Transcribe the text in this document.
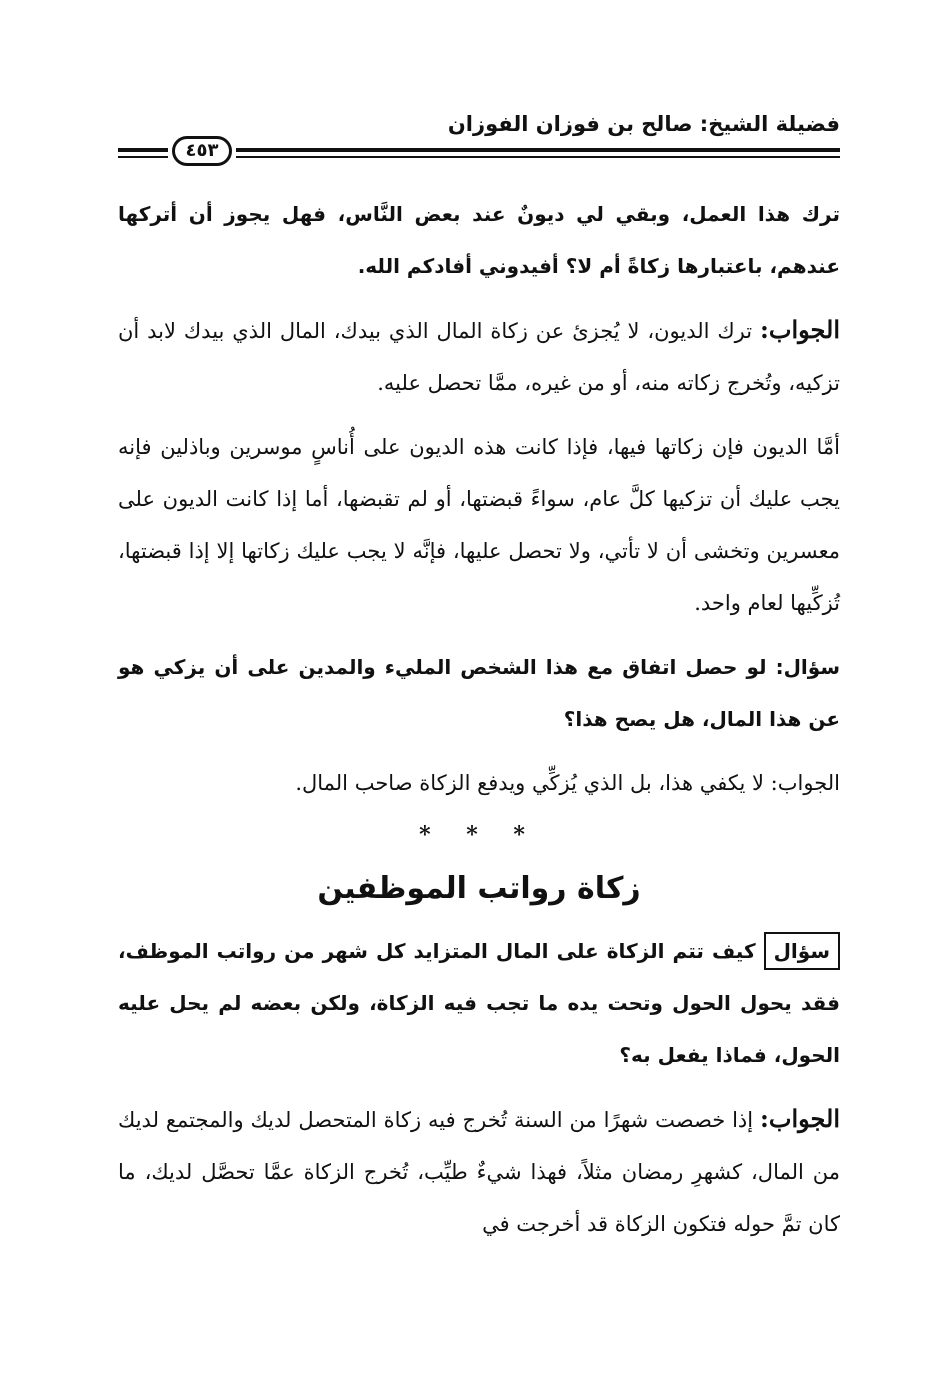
فضيلة الشيخ: صالح بن فوزان الفوزان
٤٥٣

ترك هذا العمل، وبقي لي ديونٌ عند بعض النَّاس، فهل يجوز أن أتركها عندهم، باعتبارها زكاةً أم لا؟ أفيدوني أفادكم الله.

الجواب: ترك الديون، لا يُجزئ عن زكاة المال الذي بيدك، المال الذي بيدك لابد أن تزكيه، وتُخرج زكاته منه، أو من غيره، ممَّا تحصل عليه.

أمَّا الديون فإن زكاتها فيها، فإذا كانت هذه الديون على أُناسٍ موسرين وباذلين فإنه يجب عليك أن تزكيها كلَّ عام، سواءً قبضتها، أو لم تقبضها، أما إذا كانت الديون على معسرين وتخشى أن لا تأتي، ولا تحصل عليها، فإنَّه لا يجب عليك زكاتها إلا إذا قبضتها، تُزكِّيها لعام واحد.

سؤال: لو حصل اتفاق مع هذا الشخص المليء والمدين على أن يزكي هو عن هذا المال، هل يصح هذا؟

الجواب: لا يكفي هذا، بل الذي يُزكِّي ويدفع الزكاة صاحب المال.

* * *
زكاة رواتب الموظفين

سؤالكيف تتم الزكاة على المال المتزايد كل شهر من رواتب الموظف، فقد يحول الحول وتحت يده ما تجب فيه الزكاة، ولكن بعضه لم يحل عليه الحول، فماذا يفعل به؟

الجواب: إذا خصصت شهرًا من السنة تُخرج فيه زكاة المتحصل لديك والمجتمع لديك من المال، كشهرِ رمضان مثلاً، فهذا شيءٌ طيِّب، تُخرج الزكاة عمَّا تحصَّل لديك، ما كان تمَّ حوله فتكون الزكاة قد أخرجت في
